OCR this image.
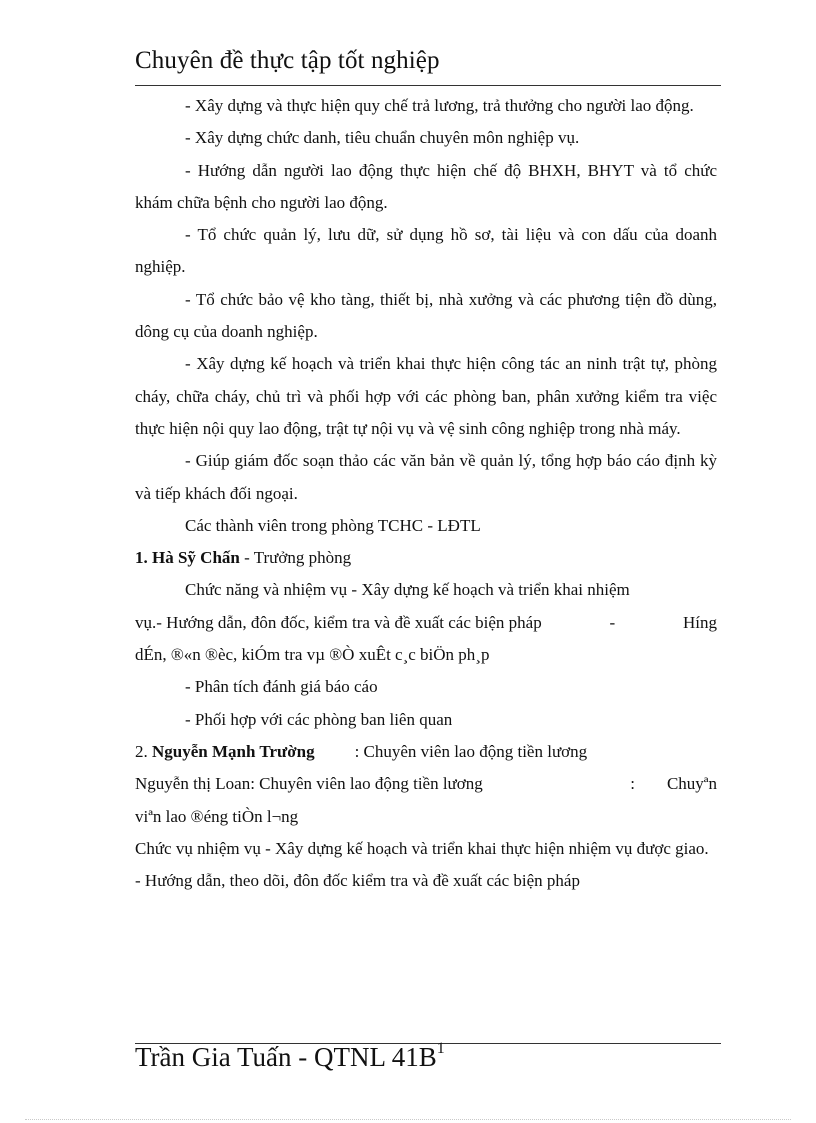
Chuyên đề thực tập tốt nghiệp

- Xây dựng và thực hiện quy chế trả lương, trả thưởng cho người lao động.

- Xây dựng chức danh, tiêu chuẩn chuyên môn nghiệp vụ.

- Hướng dẫn người lao động thực hiện chế độ BHXH, BHYT và tổ chức khám chữa bệnh cho người lao động.

- Tổ chức quản lý, lưu dữ, sử dụng hồ sơ, tài liệu và con dấu của doanh nghiệp.

- Tổ chức bảo vệ kho tàng, thiết bị, nhà xưởng và các phương tiện đồ dùng, dông cụ của doanh nghiệp.

- Xây dựng kế hoạch và triển khai thực hiện công tác an ninh trật tự, phòng cháy, chữa cháy, chủ trì và phối hợp với các phòng ban, phân xưởng kiểm tra việc thực hiện nội quy lao động, trật tự nội vụ và vệ sinh công nghiệp trong nhà máy.

- Giúp giám đốc soạn thảo các văn bản về quản lý, tổng hợp báo cáo định kỳ và tiếp khách đối ngoại.

Các thành viên trong phòng TCHC - LĐTL

1. Hà Sỹ Chấn - Trưởng phòng

Chức năng và nhiệm vụ - Xây dựng kế hoạch và triển khai nhiệm

vụ.- Hướng dẫn, đôn đốc, kiểm tra và đề xuất các biện pháp	-	Híng

dÉn, ®«n ®èc, kiÓm tra vµ ®Ò xuÊt c¸c biÖn ph¸p

- Phân tích đánh giá báo cáo

- Phối hợp với các phòng ban liên quan

2. Nguyễn Mạnh Trường : Chuyên viên lao động tiền lương

Nguyễn thị Loan: Chuyên viên lao động tiền lương	: Chuyªn

viªn lao ®éng tiÒn l¬ng

Chức vụ nhiệm vụ - Xây dựng kế hoạch và triển khai thực hiện nhiệm vụ được giao.

- Hướng dẫn, theo dõi, đôn đốc kiểm tra và đề xuất các biện pháp

Trần Gia Tuấn - QTNL $41B^1$
